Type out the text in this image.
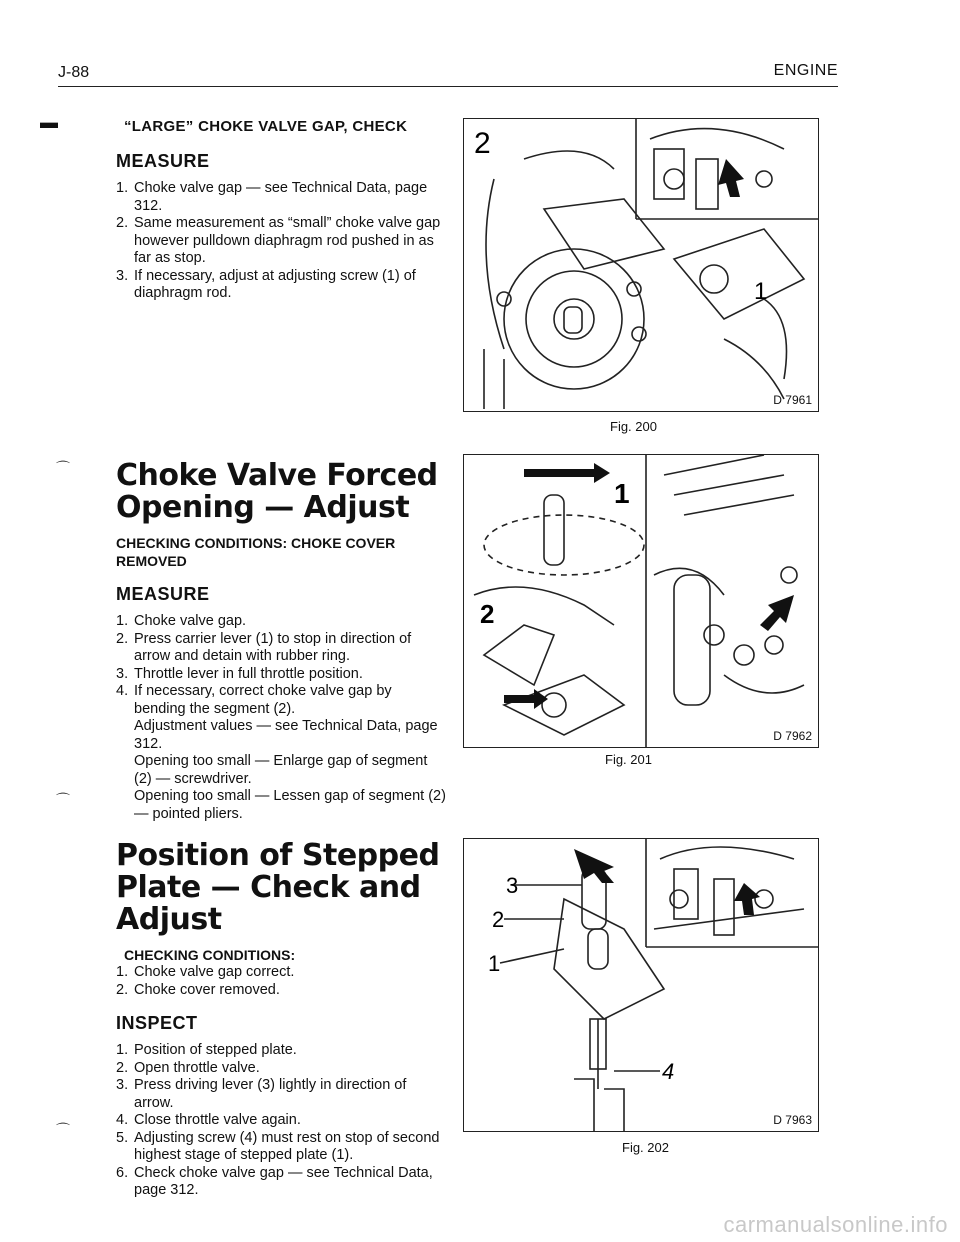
J-88	ENGINE
▬
⌒
⌒
⌒
“LARGE” CHOKE VALVE GAP, CHECK
MEASURE
1. Choke valve gap — see Technical Data, page 312.
2. Same measurement as “small” choke valve gap however pulldown diaphragm rod pushed in as far as stop.
3. If necessary, adjust at adjusting screw (1) of diaphragm rod.
Choke Valve Forced
Opening — Adjust
CHECKING CONDITIONS: CHOKE COVER REMOVED
MEASURE
1. Choke valve gap.
2. Press carrier lever (1) to stop in direction of arrow and detain with rubber ring.
3. Throttle lever in full throttle position.
4. If necessary, correct choke valve gap by bending the segment (2).
Adjustment values — see Technical Data, page 312.
Opening too small — Enlarge gap of segment (2) — screwdriver.
Opening too small — Lessen gap of segment (2) — pointed pliers.
Position of Stepped
Plate — Check and Adjust
CHECKING CONDITIONS:
1. Choke valve gap correct.
2. Choke cover removed.
INSPECT
1. Position of stepped plate.
2. Open throttle valve.
3. Press driving lever (3) lightly in direction of arrow.
4. Close throttle valve again.
5. Adjusting screw (4) must rest on stop of second highest stage of stepped plate (1).
6. Check choke valve gap — see Technical Data, page 312.
2
1
D 7961
Fig. 200
1
2
D 7962
Fig. 201
3
2
1
4
D 7963
Fig. 202
carmanualsonline.info
